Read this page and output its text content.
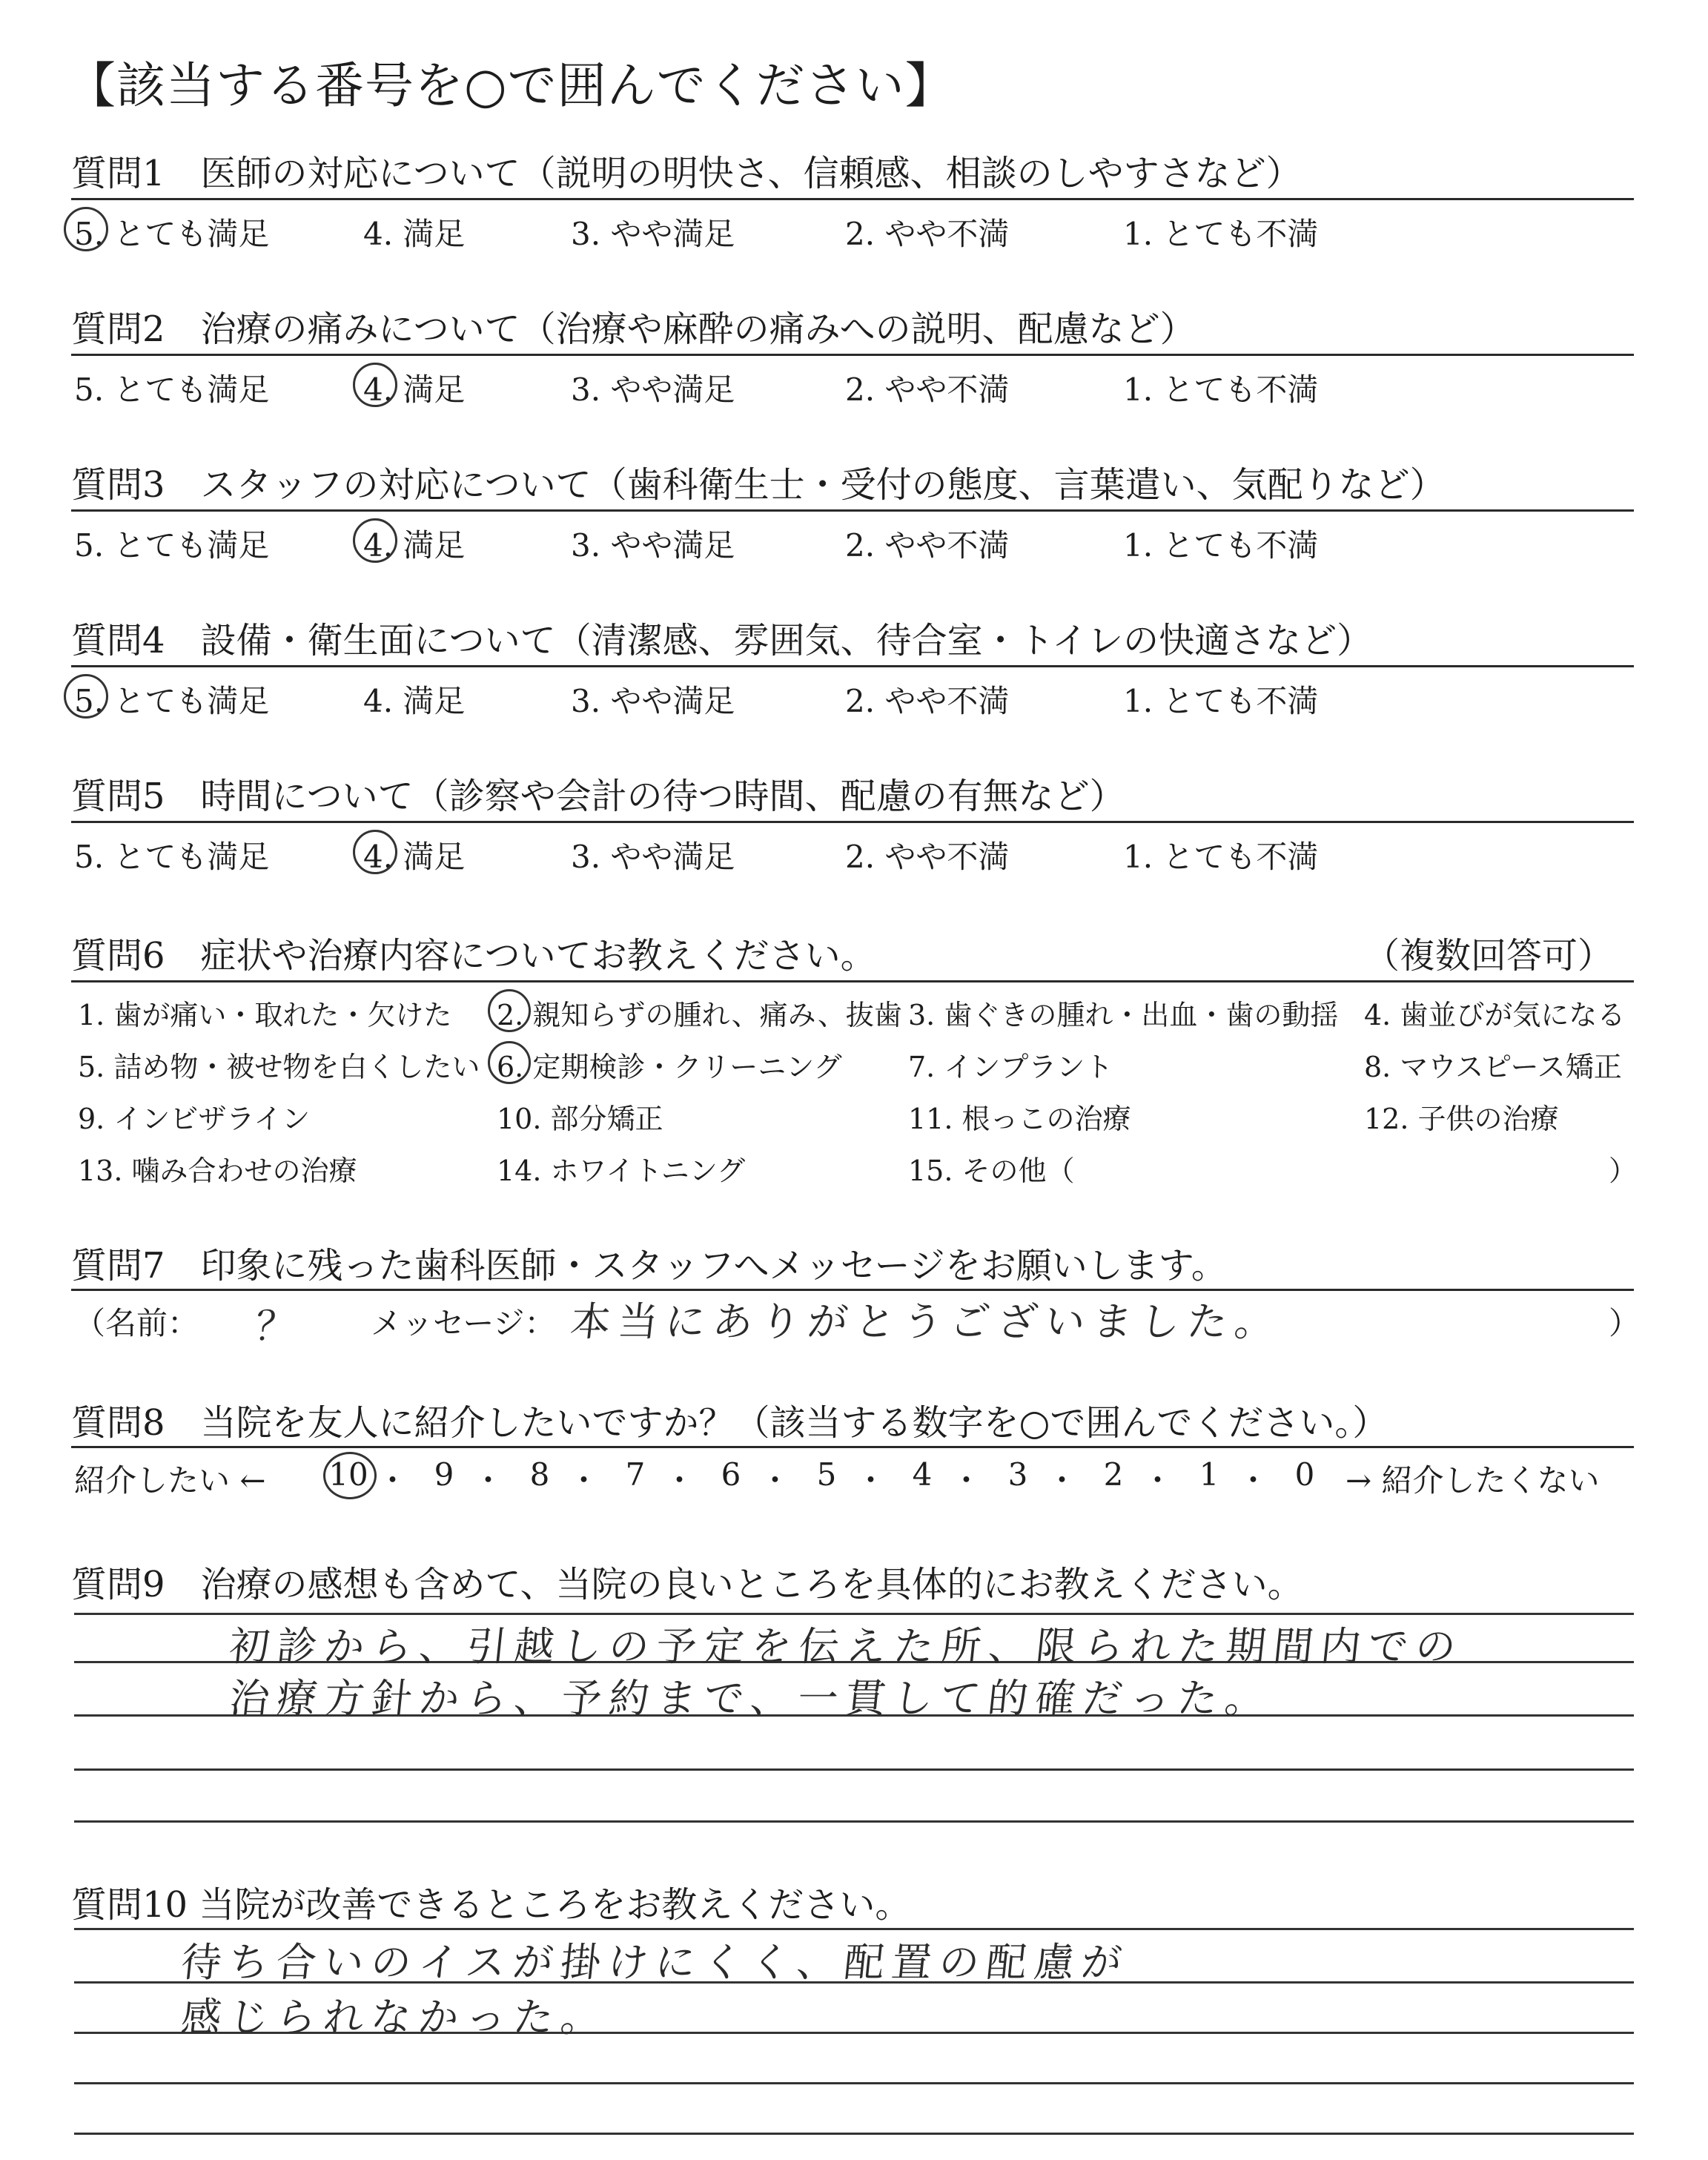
【該当する番号を○で囲んでください】
質問1　医師の対応について（説明の明快さ、信頼感、相談のしやすさなど）
5. とても満足	4. 満足	3. やや満足	2. やや不満	1. とても不満
質問2　治療の痛みについて（治療や麻酔の痛みへの説明、配慮など）
5. とても満足	4. 満足	3. やや満足	2. やや不満	1. とても不満
質問3　スタッフの対応について（歯科衛生士・受付の態度、言葉遣い、気配りなど）
5. とても満足	4. 満足	3. やや満足	2. やや不満	1. とても不満
質問4　設備・衛生面について（清潔感、雰囲気、待合室・トイレの快適さなど）
5. とても満足	4. 満足	3. やや満足	2. やや不満	1. とても不満
質問5　時間について（診察や会計の待つ時間、配慮の有無など）
5. とても満足	4. 満足	3. やや満足	2. やや不満	1. とても不満
質問6　症状や治療内容についてお教えください。	（複数回答可）
1. 歯が痛い・取れた・欠けた 2. 親知らずの腫れ、痛み、抜歯 3. 歯ぐきの腫れ・出血・歯の動揺 4. 歯並びが気になる
5. 詰め物・被せ物を白くしたい 6. 定期検診・クリーニング 7. インプラント	8. マウスピース矯正
9. インビザライン	10. 部分矯正	11. 根っこの治療	12. 子供の治療
13. 噛み合わせの治療	14. ホワイトニング	15. その他（	）
質問7　印象に残った歯科医師・スタッフへメッセージをお願いします。
（名前： ？ メッセージ： 本当にありがとうございました。	）
質問8　当院を友人に紹介したいですか？（該当する数字を○で囲んでください。）
紹介したい ← 10 ・ 9 ・ 8 ・ 7 ・ 6 ・ 5 ・ 4 ・ 3 ・ 2 ・ 1 ・ 0 → 紹介したくない
質問9　治療の感想も含めて、当院の良いところを具体的にお教えください。
初診から、引越しの予定を伝えた所、限られた期間内での
治療方針から、予約まで、一貫して的確だった。
質問10 当院が改善できるところをお教えください。
待ち合いのイスが掛けにくく、配置の配慮が
感じられなかった。
